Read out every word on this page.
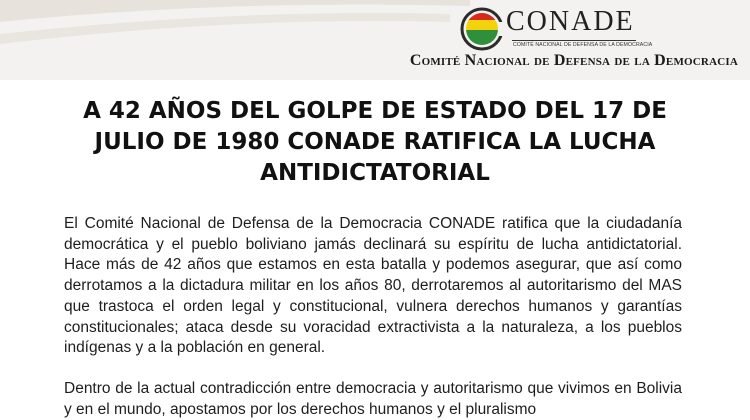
CONADE
COMITÉ NACIONAL DE DEFENSA DE LA DEMOCRACIA
Comité Nacional de Defensa de la Democracia
A 42 AÑOS DEL GOLPE DE ESTADO DEL 17 DE JULIO DE 1980 CONADE RATIFICA LA LUCHA ANTIDICTATORIAL

El Comité Nacional de Defensa de la Democracia CONADE ratifica que la ciudadanía democrática y el pueblo boliviano jamás declinará su espíritu de lucha antidictatorial. Hace más de 42 años que estamos en esta batalla y podemos asegurar, que así como derrotamos a la dictadura militar en los años 80, derrotaremos al autoritarismo del MAS que trastoca el orden legal y constitucional, vulnera derechos humanos y garantías constitucionales; ataca desde su voracidad extractivista a la naturaleza, a los pueblos indígenas y a la población en general.

Dentro de la actual contradicción entre democracia y autoritarismo que vivimos en Bolivia y en el mundo, apostamos por los derechos humanos y el pluralismo
